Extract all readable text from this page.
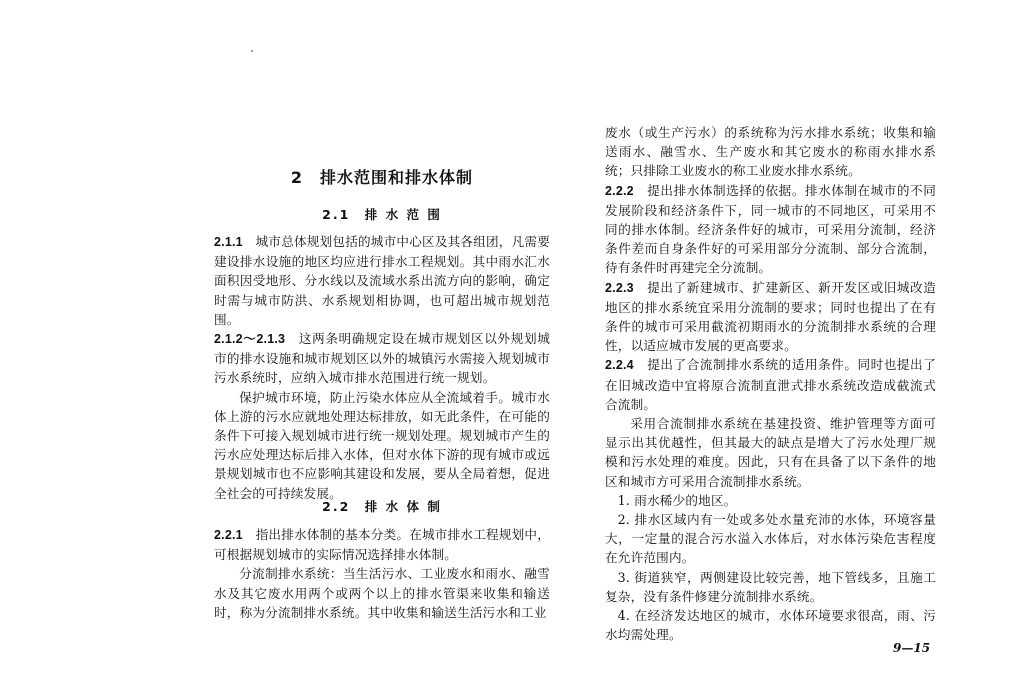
2　排水范围和排水体制
2.1　排 水 范 围

2.1.1　城市总体规划包括的城市中心区及其各组团，凡需要建设排水设施的地区均应进行排水工程规划。其中雨水汇水面积因受地形、分水线以及流域水系出流方向的影响，确定时需与城市防洪、水系规划相协调，也可超出城市规划范围。

2.1.2～2.1.3　这两条明确规定设在城市规划区以外规划城市的排水设施和城市规划区以外的城镇污水需接入规划城市污水系统时，应纳入城市排水范围进行统一规划。

保护城市环境，防止污染水体应从全流域着手。城市水体上游的污水应就地处理达标排放，如无此条件，在可能的条件下可接入规划城市进行统一规划处理。规划城市产生的污水应处理达标后排入水体，但对水体下游的现有城市或远景规划城市也不应影响其建设和发展，要从全局着想，促进全社会的可持续发展。

2.2　排 水 体 制

2.2.1　指出排水体制的基本分类。在城市排水工程规划中，可根据规划城市的实际情况选择排水体制。

分流制排水系统：当生活污水、工业废水和雨水、融雪水及其它废水用两个或两个以上的排水管渠来收集和输送时，称为分流制排水系统。其中收集和输送生活污水和工业

废水（或生产污水）的系统称为污水排水系统；收集和输送雨水、融雪水、生产废水和其它废水的称雨水排水系统；只排除工业废水的称工业废水排水系统。

2.2.2　提出排水体制选择的依据。排水体制在城市的不同发展阶段和经济条件下，同一城市的不同地区，可采用不同的排水体制。经济条件好的城市，可采用分流制，经济条件差而自身条件好的可采用部分分流制、部分合流制，待有条件时再建完全分流制。

2.2.3　提出了新建城市、扩建新区、新开发区或旧城改造地区的排水系统宜采用分流制的要求；同时也提出了在有条件的城市可采用截流初期雨水的分流制排水系统的合理性，以适应城市发展的更高要求。

2.2.4　提出了合流制排水系统的适用条件。同时也提出了在旧城改造中宜将原合流制直泄式排水系统改造成截流式合流制。

采用合流制排水系统在基建投资、维护管理等方面可显示出其优越性，但其最大的缺点是增大了污水处理厂规模和污水处理的难度。因此，只有在具备了以下条件的地区和城市方可采用合流制排水系统。

1. 雨水稀少的地区。

2. 排水区域内有一处或多处水量充沛的水体，环境容量大，一定量的混合污水溢入水体后，对水体污染危害程度在允许范围内。

3. 街道狭窄，两侧建设比较完善，地下管线多，且施工复杂，没有条件修建分流制排水系统。

4. 在经济发达地区的城市，水体环境要求很高，雨、污水均需处理。

9—15
